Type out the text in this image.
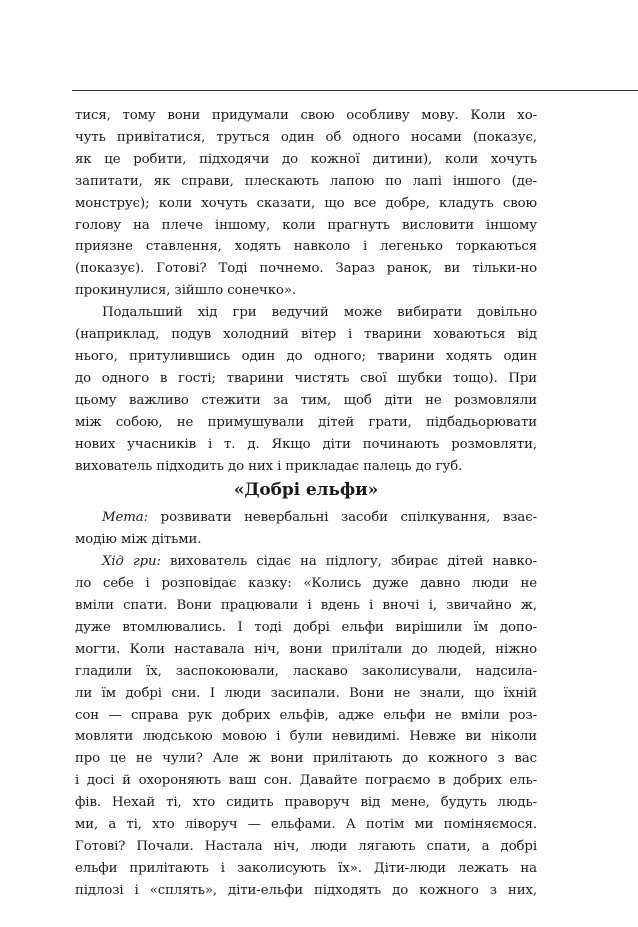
тися, тому вони придумали свою особливу мову. Коли хо-
чуть привітатися, труться один об одного носами (показує,
як це робити, підходячи до кожної дитини), коли хочуть
запитати, як справи, плескають лапою по лапі іншого (де-
монструє); коли хочуть сказати, що все добре, кладуть свою
голову на плече іншому, коли прагнуть висловити іншому
приязне ставлення, ходять навколо і легенько торкаються
(показує). Готові? Тоді почнемо. Зараз ранок, ви тільки-но
прокинулися, зійшло сонечко».

Подальший хід гри ведучий може вибирати довільно
(наприклад, подув холодний вітер і тварини ховаються від
нього, притулившись один до одного; тварини ходять один
до одного в гості; тварини чистять свої шубки тощо). При
цьому важливо стежити за тим, щоб діти не розмовляли
між собою, не примушували дітей грати, підбадьорювати
нових учасників і т. д. Якщо діти починають розмовляти,
вихователь підходить до них і прикладає палець до губ.

«Добрі ельфи»

Мета: розвивати невербальні засоби спілкування, взає-
модію між дітьми.

Хід гри: вихователь сідає на підлогу, збирає дітей навко-
ло себе і розповідає казку: «Колись дуже давно люди не
вміли спати. Вони працювали і вдень і вночі і, звичайно ж,
дуже втомлювались. І тоді добрі ельфи вирішили їм допо-
могти. Коли наставала ніч, вони прилітали до людей, ніжно
гладили їх, заспокоювали, ласкаво заколисували, надсила-
ли їм добрі сни. І люди засипали. Вони не знали, що їхній
сон — справа рук добрих ельфів, адже ельфи не вміли роз-
мовляти людською мовою і були невидимі. Невже ви ніколи
про це не чули? Але ж вони прилітають до кожного з вас
і досі й охороняють ваш сон. Давайте пограємо в добрих ель-
фів. Нехай ті, хто сидить праворуч від мене, будуть людь-
ми, а ті, хто ліворуч — ельфами. А потім ми поміняємося.
Готові? Почали. Настала ніч, люди лягають спати, а добрі
ельфи прилітають і заколисують їх». Діти-люди лежать на
підлозі і «сплять», діти-ельфи підходять до кожного з них,
